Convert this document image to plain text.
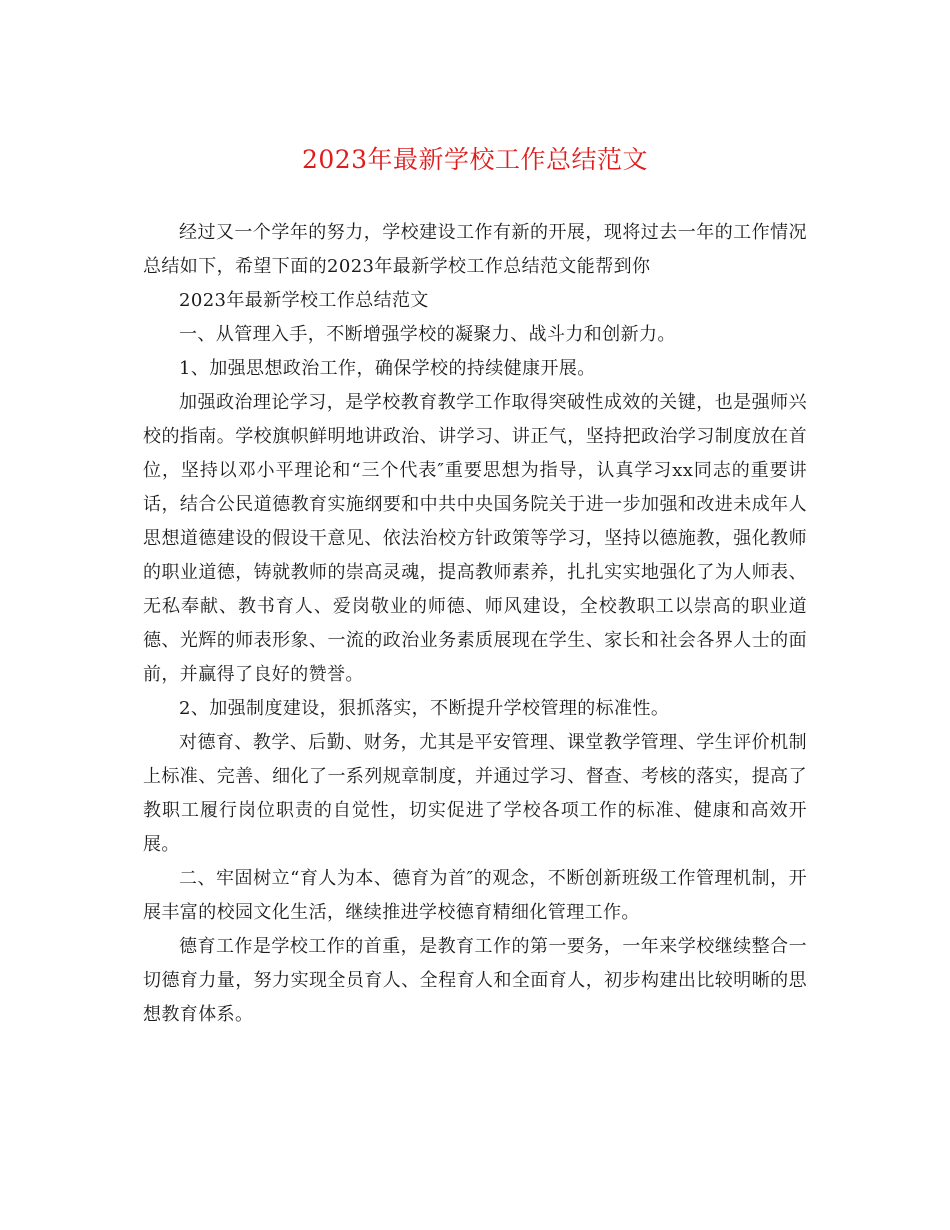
2023年最新学校工作总结范文

经过又一个学年的努力，学校建设工作有新的开展，现将过去一年的工作情况总结如下，希望下面的2023年最新学校工作总结范文能帮到你

2023年最新学校工作总结范文

一、从管理入手，不断增强学校的凝聚力、战斗力和创新力。

1、加强思想政治工作，确保学校的持续健康开展。

加强政治理论学习，是学校教育教学工作取得突破性成效的关键，也是强师兴校的指南。学校旗帜鲜明地讲政治、讲学习、讲正气，坚持把政治学习制度放在首位，坚持以邓小平理论和“三个代表″重要思想为指导，认真学习xx同志的重要讲话，结合公民道德教育实施纲要和中共中央国务院关于进一步加强和改进未成年人思想道德建设的假设干意见、依法治校方针政策等学习，坚持以德施教，强化教师的职业道德，铸就教师的崇高灵魂，提高教师素养，扎扎实实地强化了为人师表、无私奉献、教书育人、爱岗敬业的师德、师风建设，全校教职工以崇高的职业道德、光辉的师表形象、一流的政治业务素质展现在学生、家长和社会各界人士的面前，并赢得了良好的赞誉。

2、加强制度建设，狠抓落实，不断提升学校管理的标准性。

对德育、教学、后勤、财务，尤其是平安管理、课堂教学管理、学生评价机制上标准、完善、细化了一系列规章制度，并通过学习、督查、考核的落实，提高了教职工履行岗位职责的自觉性，切实促进了学校各项工作的标准、健康和高效开展。

二、牢固树立“育人为本、德育为首″的观念，不断创新班级工作管理机制，开展丰富的校园文化生活，继续推进学校德育精细化管理工作。

德育工作是学校工作的首重，是教育工作的第一要务，一年来学校继续整合一切德育力量，努力实现全员育人、全程育人和全面育人，初步构建出比较明晰的思想教育体系。
